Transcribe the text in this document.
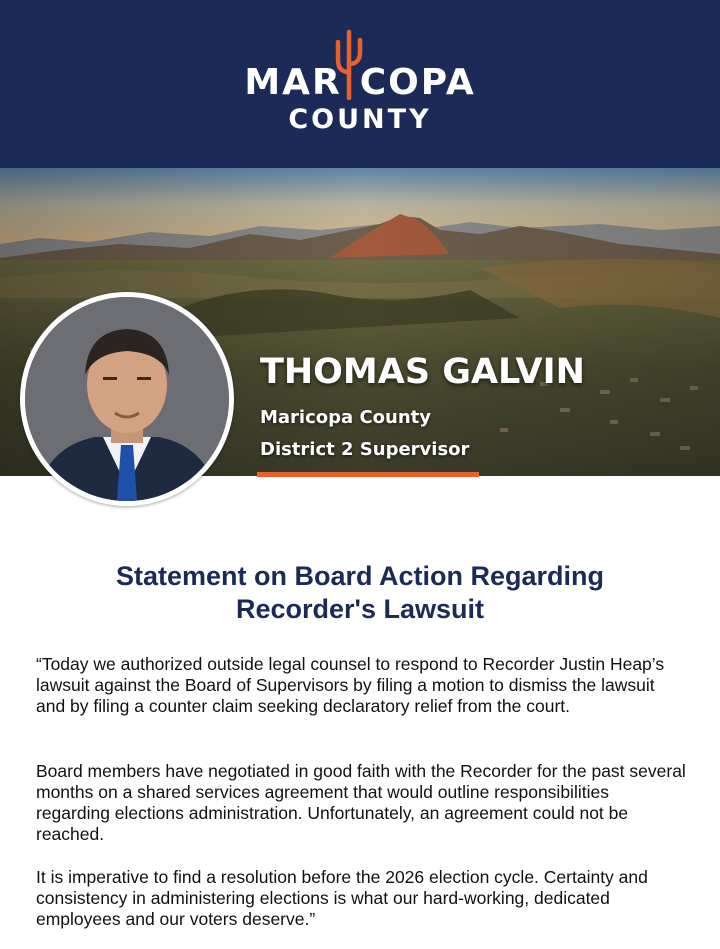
MAR COPA
COUNTY
THOMAS GALVIN
Maricopa County
District 2 Supervisor
Statement on Board Action Regarding
Recorder's Lawsuit

“Today we authorized outside legal counsel to respond to Recorder Justin Heap’s lawsuit against the Board of Supervisors by filing a motion to dismiss the lawsuit and by filing a counter claim seeking declaratory relief from the court.

Board members have negotiated in good faith with the Recorder for the past several months on a shared services agreement that would outline responsibilities regarding elections administration. Unfortunately, an agreement could not be reached.

It is imperative to find a resolution before the 2026 election cycle. Certainty and consistency in administering elections is what our hard-working, dedicated employees and our voters deserve.”
